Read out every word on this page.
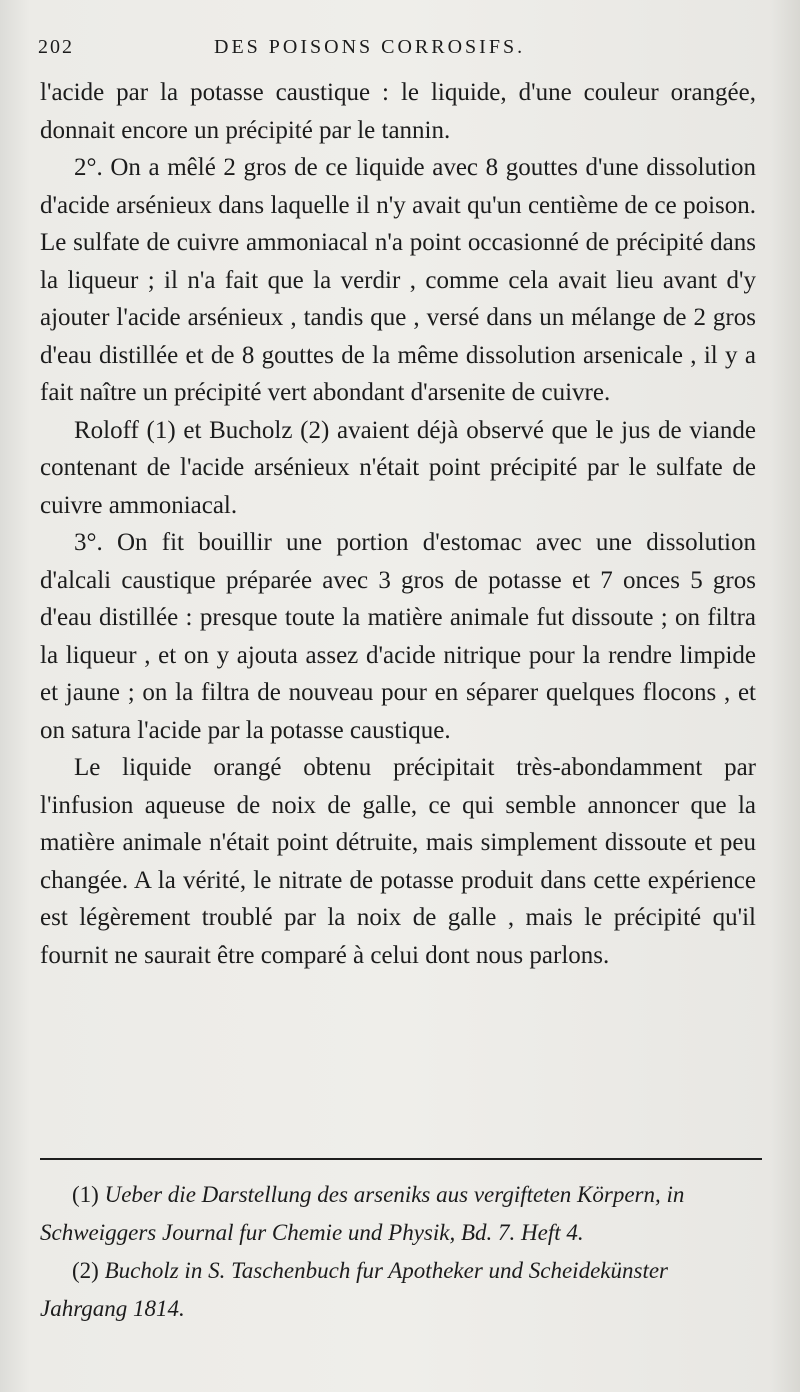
202	DES POISONS CORROSIFS.

l'acide par la potasse caustique : le liquide, d'une couleur orangée, donnait encore un précipité par le tannin.

2°. On a mêlé 2 gros de ce liquide avec 8 gouttes d'une dissolution d'acide arsénieux dans laquelle il n'y avait qu'un centième de ce poison. Le sulfate de cuivre ammoniacal n'a point occasionné de précipité dans la liqueur ; il n'a fait que la verdir , comme cela avait lieu avant d'y ajouter l'acide arsénieux , tandis que , versé dans un mélange de 2 gros d'eau distillée et de 8 gouttes de la même dissolution arsenicale , il y a fait naître un précipité vert abondant d'arsenite de cuivre.

Roloff (1) et Bucholz (2) avaient déjà observé que le jus de viande contenant de l'acide arsénieux n'était point précipité par le sulfate de cuivre ammoniacal.

3°. On fit bouillir une portion d'estomac avec une dissolution d'alcali caustique préparée avec 3 gros de potasse et 7 onces 5 gros d'eau distillée : presque toute la matière animale fut dissoute ; on filtra la liqueur , et on y ajouta assez d'acide nitrique pour la rendre limpide et jaune ; on la filtra de nouveau pour en séparer quelques flocons , et on satura l'acide par la potasse caustique.

Le liquide orangé obtenu précipitait très-abondamment par l'infusion aqueuse de noix de galle, ce qui semble annoncer que la matière animale n'était point détruite, mais simplement dissoute et peu changée. A la vérité, le nitrate de potasse produit dans cette expérience est légèrement troublé par la noix de galle , mais le précipité qu'il fournit ne saurait être comparé à celui dont nous parlons.

(1) Ueber die Darstellung des arseniks aus vergifteten Körpern, in Schweiggers Journal fur Chemie und Physik, Bd. 7. Heft 4.

(2) Bucholz in S. Taschenbuch fur Apotheker und Scheidekünster Jahrgang 1814.
